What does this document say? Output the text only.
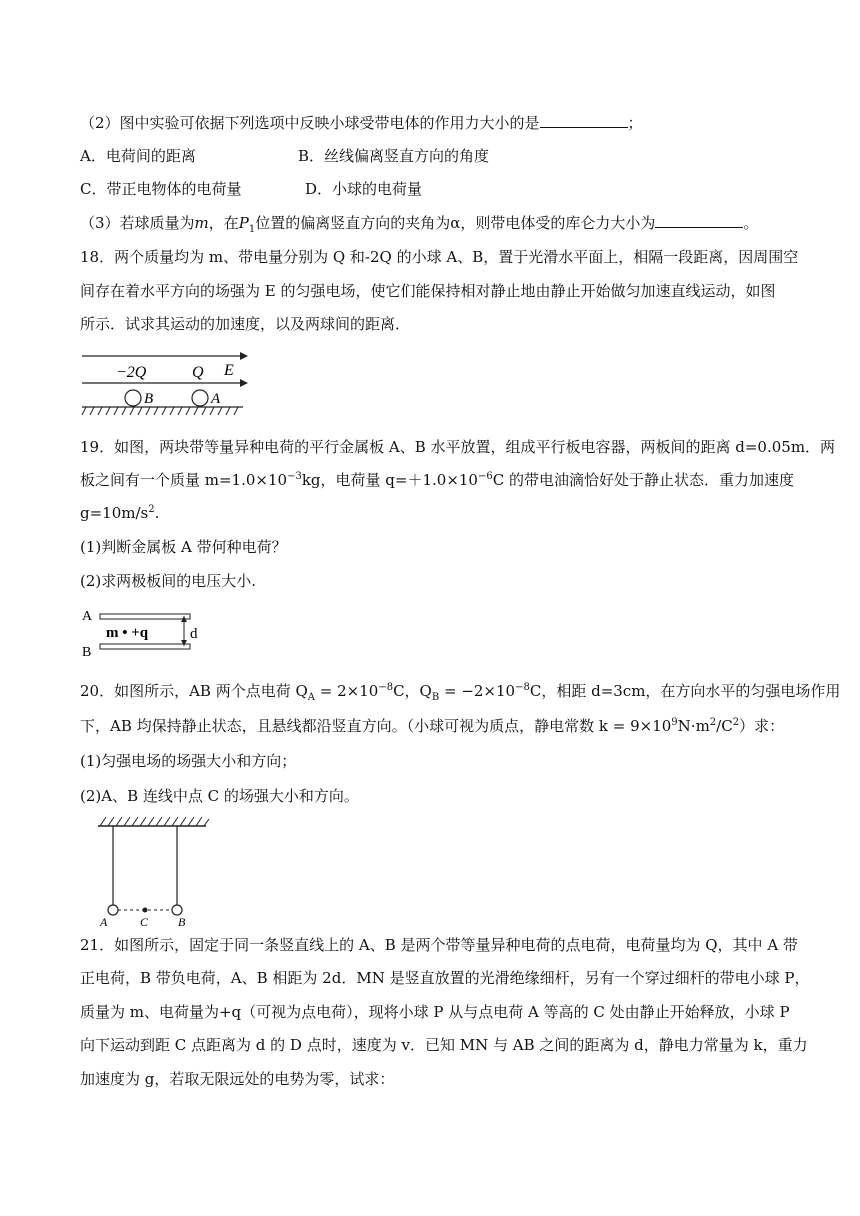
（2）图中实验可依据下列选项中反映小球受带电体的作用力大小的是	；
A．电荷间的距离	B．丝线偏离竖直方向的角度
C．带正电物体的电荷量	D．小球的电荷量
（3）若球质量为m，在$P_1$位置的偏离竖直方向的夹角为α，则带电体受的库仑力大小为	。
18．两个质量均为 m、带电量分别为 Q 和-2Q 的小球 A、B，置于光滑水平面上，相隔一段距离，因周围空
间存在着水平方向的场强为 E 的匀强电场，使它们能保持相对静止地由静止开始做匀加速直线运动，如图
所示．试求其运动的加速度，以及两球间的距离．
−2Q	Q E
B	A
19．如图，两块带等量异种电荷的平行金属板 A、B 水平放置，组成平行板电容器，两板间的距离 d=0.05m．两
板之间有一个质量 $m=1.0\times 10^{-3}kg$，电荷量 $q=+1.0\times 10^{-6}C$ 的带电油滴恰好处于静止状态．重力加速度
$g=10m/s^2$.
(1)判断金属板 A 带何种电荷？
(2)求两极板间的电压大小.
A
B
m • +q	d
20．如图所示，AB 两个点电荷 $Q_A = 2\times 10^{-8}C$，$Q_B = -2\times 10^{-8}C$，相距 d=3cm，在方向水平的匀强电场作用
下，AB 均保持静止状态，且悬线都沿竖直方向。（小球可视为质点，静电常数 $k = 9\times 10^9N\cdot m^2/C^2$）求：
(1)匀强电场的场强大小和方向；
(2)A、B 连线中点 C 的场强大小和方向。
A	C B
21．如图所示，固定于同一条竖直线上的 A、B 是两个带等量异种电荷的点电荷，电荷量均为 Q，其中 A 带
正电荷，B 带负电荷，A、B 相距为 2d．MN 是竖直放置的光滑绝缘细杆，另有一个穿过细杆的带电小球 P，
质量为 m、电荷量为+q（可视为点电荷），现将小球 P 从与点电荷 A 等高的 C 处由静止开始释放，小球 P
向下运动到距 C 点距离为 d 的 D 点时，速度为 v．已知 MN 与 AB 之间的距离为 d，静电力常量为 k，重力
加速度为 g，若取无限远处的电势为零，试求：
